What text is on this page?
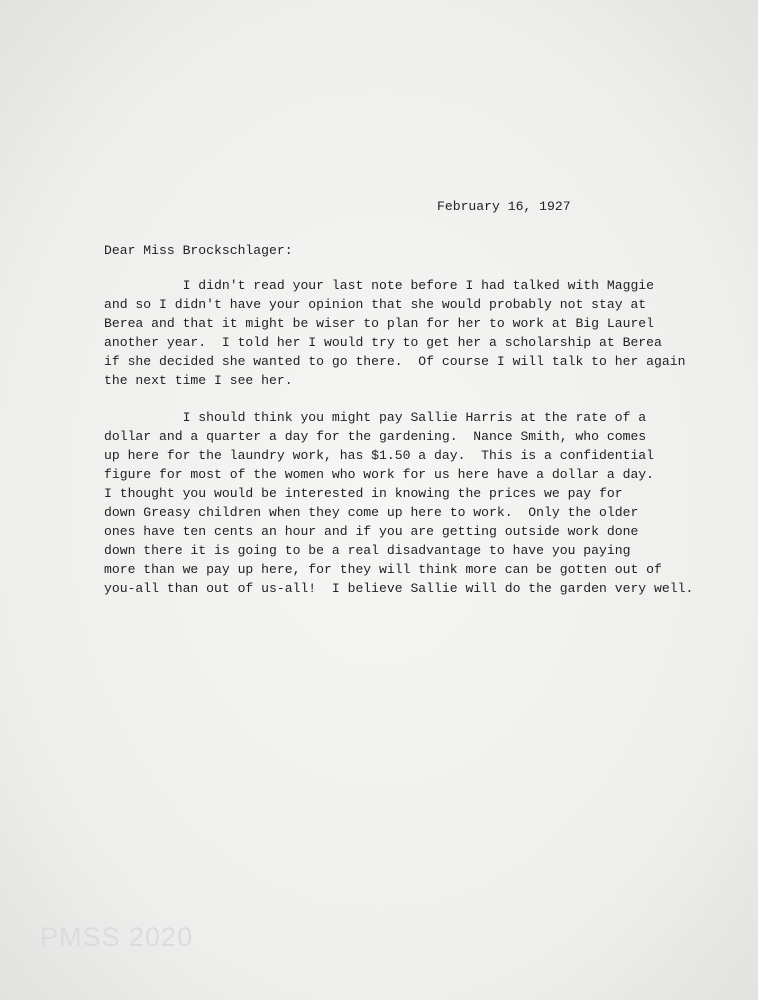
February 16, 1927
Dear Miss Brockschlager:
I didn't read your last note before I had talked with Maggie
and so I didn't have your opinion that she would probably not stay at
Berea and that it might be wiser to plan for her to work at Big Laurel
another year.  I told her I would try to get her a scholarship at Berea
if she decided she wanted to go there.  Of course I will talk to her again
the next time I see her.
I should think you might pay Sallie Harris at the rate of a
dollar and a quarter a day for the gardening.  Nance Smith, who comes
up here for the laundry work, has $1.50 a day.  This is a confidential
figure for most of the women who work for us here have a dollar a day.
I thought you would be interested in knowing the prices we pay for
down Greasy children when they come up here to work.  Only the older
ones have ten cents an hour and if you are getting outside work done
down there it is going to be a real disadvantage to have you paying
more than we pay up here, for they will think more can be gotten out of
you-all than out of us-all!  I believe Sallie will do the garden very well.
PMSS 2020
